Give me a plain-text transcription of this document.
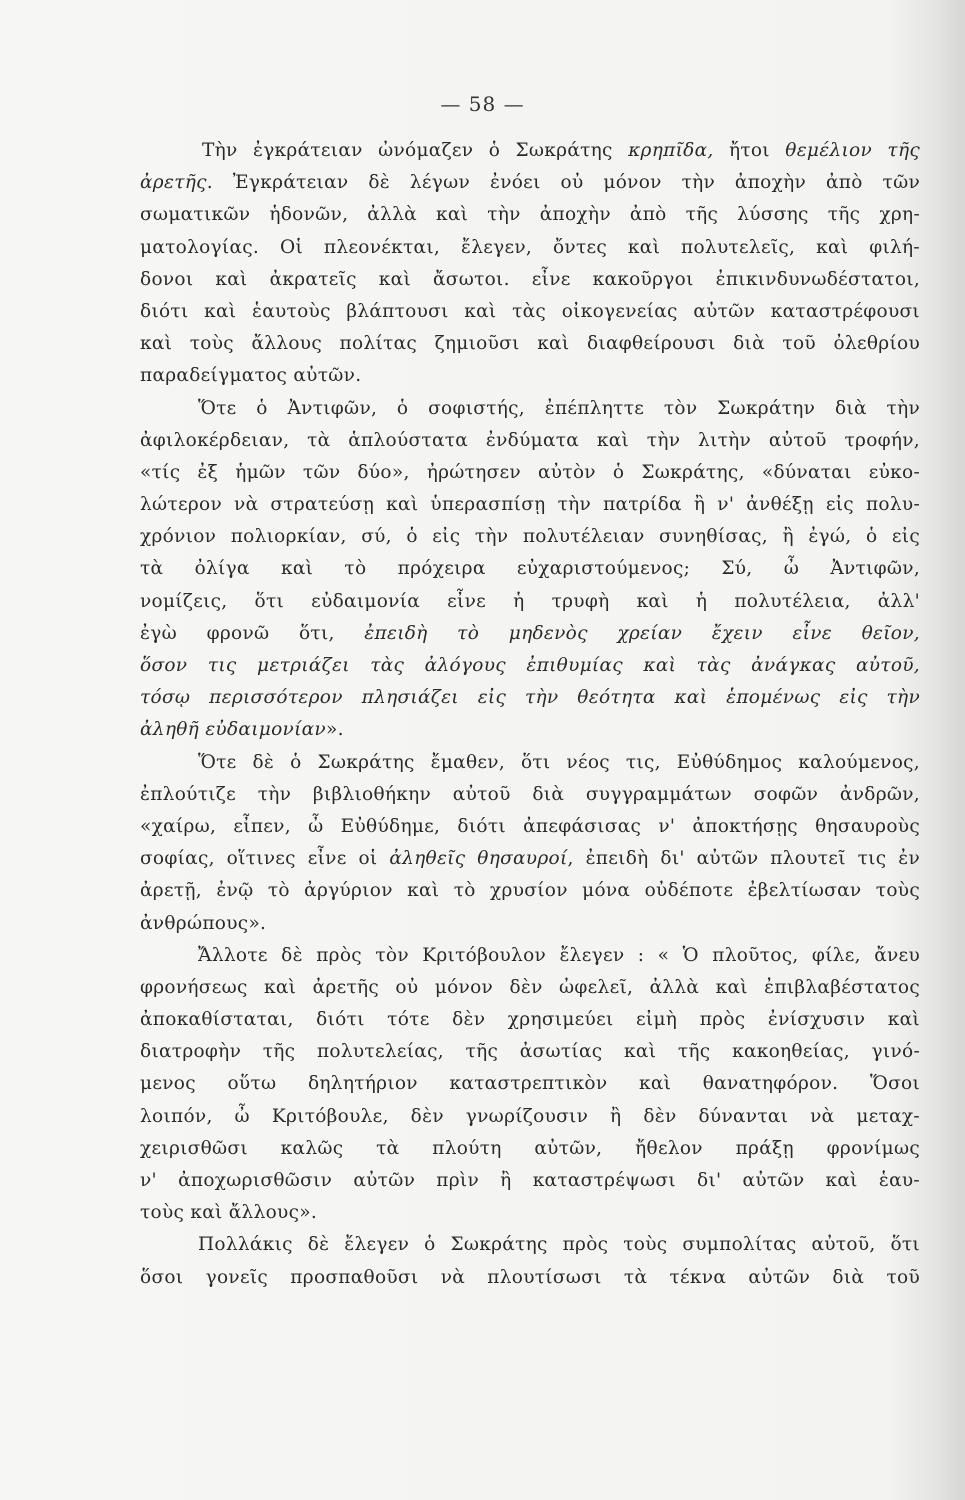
— 58 —
Τὴν ἐγκράτειαν ὠνόμαζεν ὁ Σωκράτης κρηπῖδα, ἤτοι θεμέλιον τῆς
ἀρετῆς. Ἐγκράτειαν δὲ λέγων ἐνόει οὐ μόνον τὴν ἀποχὴν ἀπὸ τῶν
σωματικῶν ἡδονῶν, ἀλλὰ καὶ τὴν ἀποχὴν ἀπὸ τῆς λύσσης τῆς χρη-
ματολογίας. Οἱ πλεονέκται, ἔλεγεν, ὄντες καὶ πολυτελεῖς, καὶ φιλή-
δονοι καὶ ἀκρατεῖς καὶ ἄσωτοι. εἶνε κακοῦργοι ἐπικινδυνωδέστατοι,
διότι καὶ ἑαυτοὺς βλάπτουσι καὶ τὰς οἰκογενείας αὐτῶν καταστρέφουσι
καὶ τοὺς ἄλλους πολίτας ζημιοῦσι καὶ διαφθείρουσι διὰ τοῦ ὀλεθρίου
παραδείγματος αὐτῶν.
Ὅτε ὁ Ἀντιφῶν, ὁ σοφιστής, ἐπέπληττε τὸν Σωκράτην διὰ τὴν
ἀφιλοκέρδειαν, τὰ ἁπλούστατα ἐνδύματα καὶ τὴν λιτὴν αὐτοῦ τροφήν,
«τίς ἐξ ἡμῶν τῶν δύο», ἠρώτησεν αὐτὸν ὁ Σωκράτης, «δύναται εὐκο-
λώτερον νὰ στρατεύσῃ καὶ ὑπερασπίσῃ τὴν πατρίδα ἢ ν' ἀνθέξῃ εἰς πολυ-
χρόνιον πολιορκίαν, σύ, ὁ εἰς τὴν πολυτέλειαν συνηθίσας, ἢ ἐγώ, ὁ εἰς
τὰ ὀλίγα καὶ τὸ πρόχειρα εὐχαριστούμενος; Σύ, ὦ Ἀντιφῶν,
νομίζεις, ὅτι εὐδαιμονία εἶνε ἡ τρυφὴ καὶ ἡ πολυτέλεια, ἀλλ'
ἐγὼ φρονῶ ὅτι, ἐπειδὴ τὸ μηδενὸς χρείαν ἔχειν εἶνε θεῖον,
ὅσον τις μετριάζει τὰς ἀλόγους ἐπιθυμίας καὶ τὰς ἀνάγκας αὐτοῦ,
τόσῳ περισσότερον πλησιάζει εἰς τὴν θεότητα καὶ ἑπομένως εἰς τὴν
ἀληθῆ εὐδαιμονίαν».
Ὅτε δὲ ὁ Σωκράτης ἔμαθεν, ὅτι νέος τις, Εὐθύδημος καλούμενος,
ἐπλούτιζε τὴν βιβλιοθήκην αὐτοῦ διὰ συγγραμμάτων σοφῶν ἀνδρῶν,
«χαίρω, εἶπεν, ὦ Εὐθύδημε, διότι ἀπεφάσισας ν' ἀποκτήσῃς θησαυροὺς
σοφίας, οἵτινες εἶνε οἱ ἀληθεῖς θησαυροί, ἐπειδὴ δι' αὐτῶν πλουτεῖ τις ἐν
ἀρετῇ, ἐνῷ τὸ ἀργύριον καὶ τὸ χρυσίον μόνα οὐδέποτε ἐβελτίωσαν τοὺς
ἀνθρώπους».
Ἄλλοτε δὲ πρὸς τὸν Κριτόβουλον ἔλεγεν : « Ὁ πλοῦτος, φίλε, ἄνευ
φρονήσεως καὶ ἀρετῆς οὐ μόνον δὲν ὠφελεῖ, ἀλλὰ καὶ ἐπιβλαβέστατος
ἀποκαθίσταται, διότι τότε δὲν χρησιμεύει εἰμὴ πρὸς ἐνίσχυσιν καὶ
διατροφὴν τῆς πολυτελείας, τῆς ἀσωτίας καὶ τῆς κακοηθείας, γινό-
μενος οὕτω δηλητήριον καταστρεπτικὸν καὶ θανατηφόρον. Ὅσοι
λοιπόν, ὦ Κριτόβουλε, δὲν γνωρίζουσιν ἢ δὲν δύνανται νὰ μεταχ-
χειρισθῶσι καλῶς τὰ πλούτη αὐτῶν, ἤθελον πράξῃ φρονίμως
ν' ἀποχωρισθῶσιν αὐτῶν πρὶν ἢ καταστρέψωσι δι' αὐτῶν καὶ ἑαυ-
τοὺς καὶ ἄλλους».
Πολλάκις δὲ ἔλεγεν ὁ Σωκράτης πρὸς τοὺς συμπολίτας αὐτοῦ, ὅτι
ὅσοι γονεῖς προσπαθοῦσι νὰ πλουτίσωσι τὰ τέκνα αὐτῶν διὰ τοῦ
